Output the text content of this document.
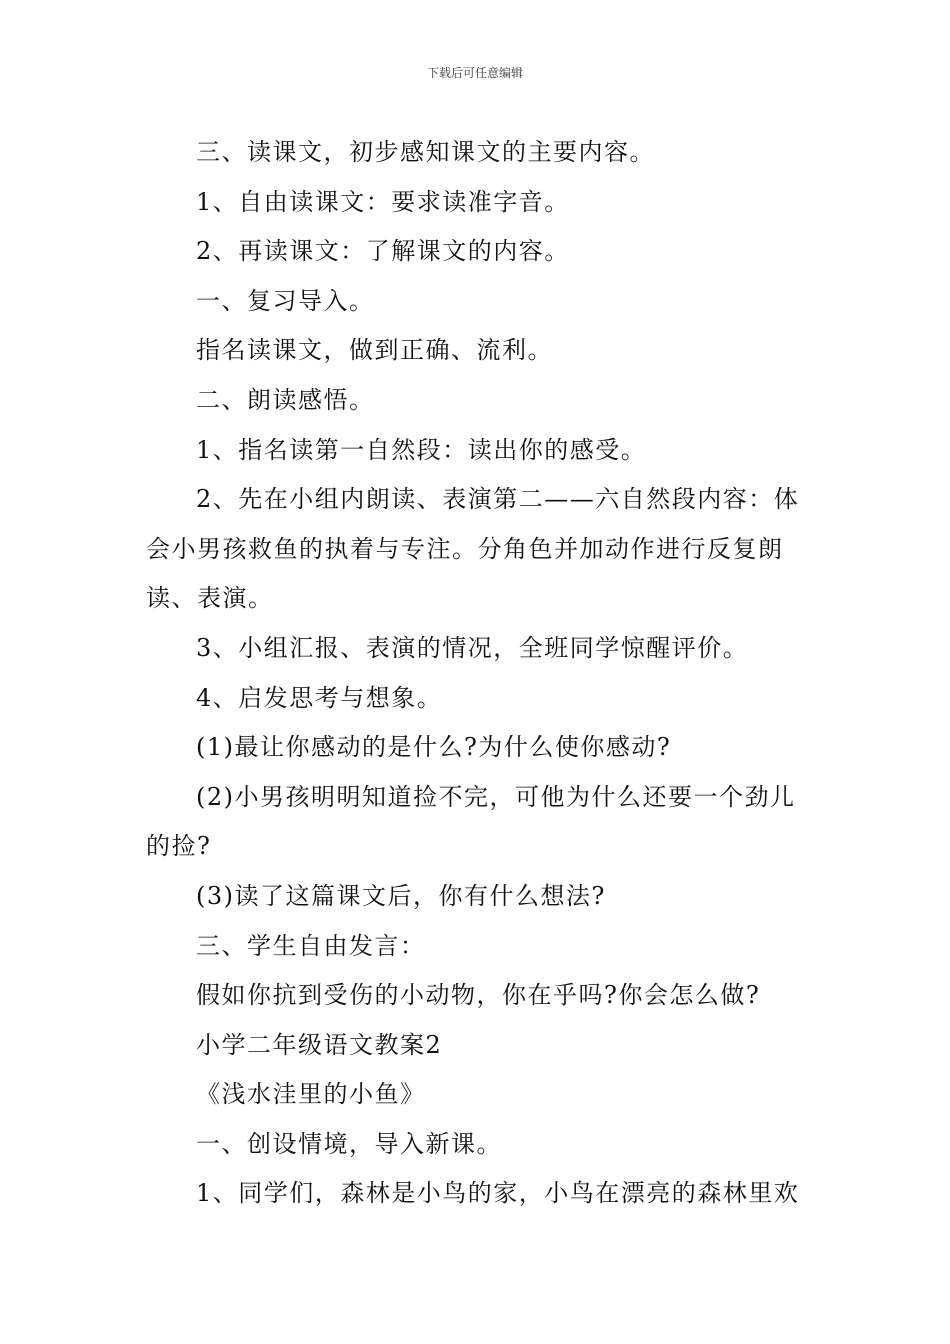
下载后可任意编辑

三、读课文，初步感知课文的主要内容。

1、自由读课文：要求读准字音。

2、再读课文：了解课文的内容。

一、复习导入。

指名读课文，做到正确、流利。

二、朗读感悟。

1、指名读第一自然段：读出你的感受。

2、先在小组内朗读、表演第二——六自然段内容：体会小男孩救鱼的执着与专注。分角色并加动作进行反复朗读、表演。

3、小组汇报、表演的情况，全班同学惊醒评价。

4、启发思考与想象。

(1)最让你感动的是什么?为什么使你感动?

(2)小男孩明明知道捡不完，可他为什么还要一个劲儿的捡?

(3)读了这篇课文后，你有什么想法?

三、学生自由发言：

假如你抗到受伤的小动物，你在乎吗?你会怎么做?

小学二年级语文教案2

《浅水洼里的小鱼》

一、创设情境，导入新课。

1、同学们，森林是小鸟的家，小鸟在漂亮的森林里欢
